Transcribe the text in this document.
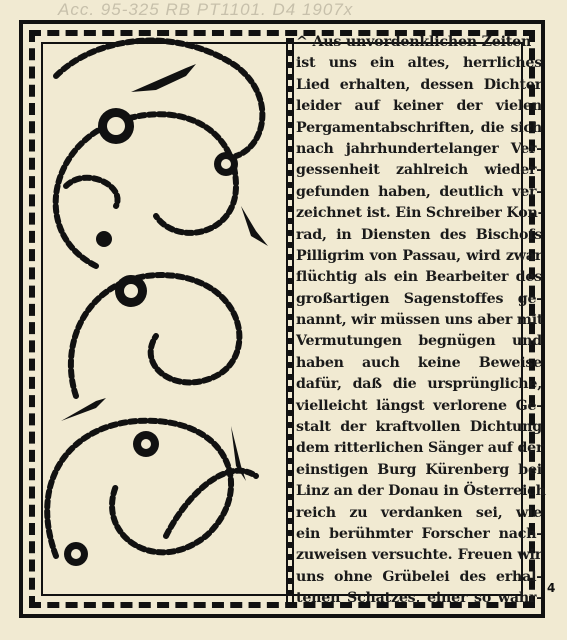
Acc. 95-325 RB PT1101. D4 1907x
^ Aus unvordenklichen Zeiten
ist uns ein altes, herrliches
Lied erhalten, dessen Dichter
leider auf keiner der vielen
Pergamentabschriften, die sich
nach jahrhundertelanger Ver-
gessenheit zahlreich wieder-
gefunden haben, deutlich ver-
zeichnet ist. Ein Schreiber Kon-
rad, in Diensten des Bischofs
Pilligrim von Passau, wird zwar
flüchtig als ein Bearbeiter des
großartigen Sagenstoffes ge-
nannt, wir müssen uns aber mit
Vermutungen begnügen und
haben auch keine Beweise
dafür, daß die ursprüngliche,
vielleicht längst verlorene Ge-
stalt der kraftvollen Dichtung
dem ritterlichen Sänger auf der
einstigen Burg Kürenberg bei
Linz an der Donau in Österreich
reich zu verdanken sei, wie
ein berühmter Forscher nach-
zuweisen versuchte. Freuen wir
uns ohne Grübelei des erhal-
tenen Schatzes, einer so wahr-
4
